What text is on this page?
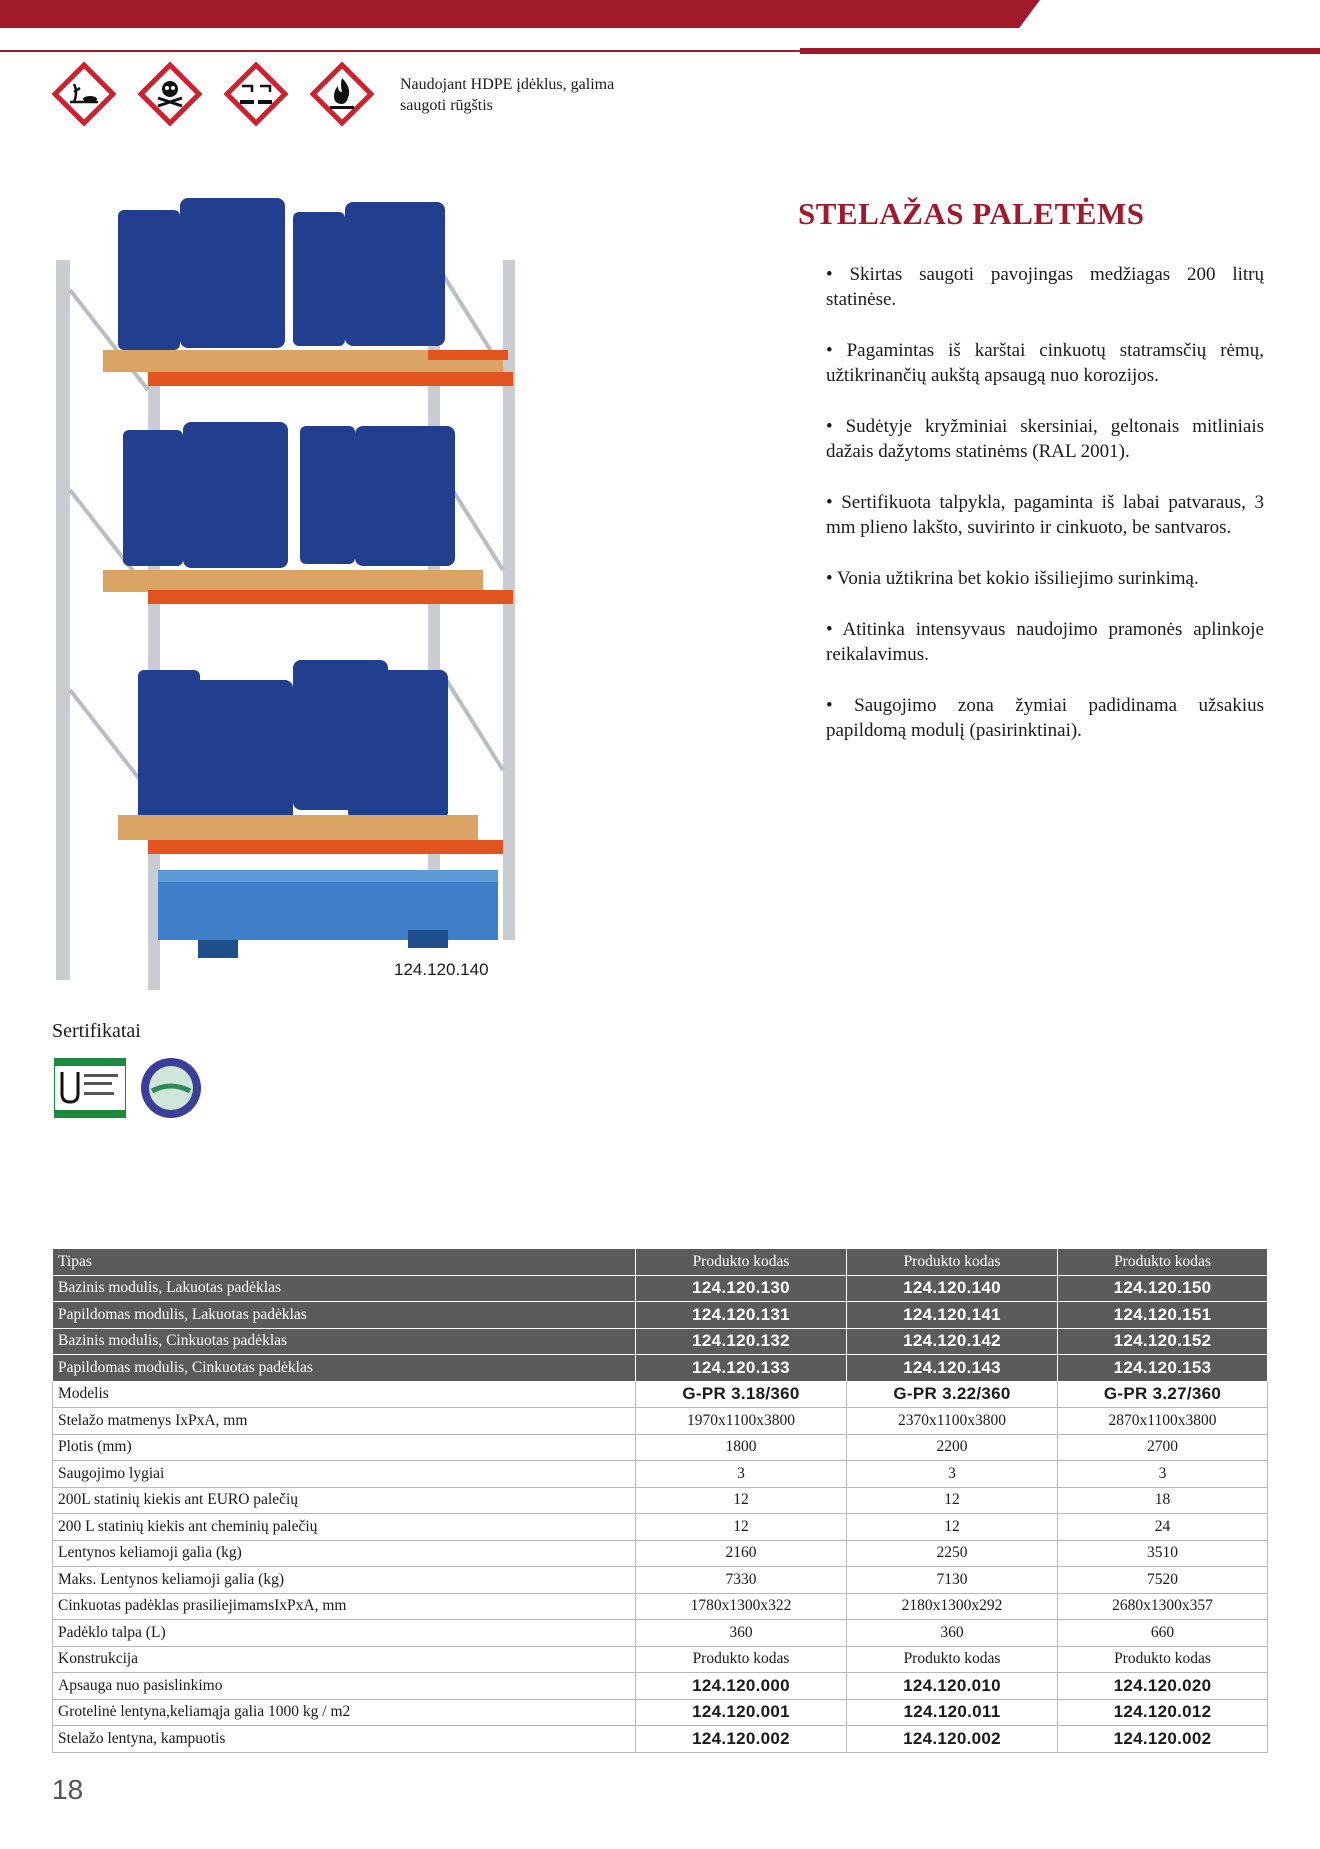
Naudojant HDPE įdėklus, galima saugoti rūgštis
124.120.140
STELAŽAS PALETĖMS

• Skirtas saugoti pavojingas medžiagas 200 litrų statinėse.

• Pagamintas iš karštai cinkuotų statramsčių rėmų, užtikrinančių aukštą apsaugą nuo korozijos.

• Sudėtyje kryžminiai skersiniai, geltonais mitliniais dažais dažytoms statinėms (RAL 2001).

• Sertifikuota talpykla, pagaminta iš labai patvaraus, 3 mm plieno lakšto, suvirinto ir cinkuoto, be santvaros.

• Vonia užtikrina bet kokio išsiliejimo surinkimą.

• Atitinka intensyvaus naudojimo pramonės aplinkoje reikalavimus.

• Saugojimo zona žymiai padidinama užsakius papildomą modulį (pasirinktinai).

Sertifikatai
Tipas	Produkto kodas	Produkto kodas	Produkto kodas
Bazinis modulis, Lakuotas padėklas	124.120.130	124.120.140	124.120.150
Papildomas modulis, Lakuotas padėklas	124.120.131	124.120.141	124.120.151
Bazinis modulis, Cinkuotas padėklas	124.120.132	124.120.142	124.120.152
Papildomas modulis, Cinkuotas padėklas	124.120.133	124.120.143	124.120.153
Modelis	G-PR 3.18/360	G-PR 3.22/360	G-PR 3.27/360
Stelažo matmenys IxPxA, mm	1970x1100x3800	2370x1100x3800	2870x1100x3800
Plotis (mm)	1800	2200	2700
Saugojimo lygiai	3	3	3
200L statinių kiekis ant EURO palečių	12	12	18
200 L statinių kiekis ant cheminių palečių	12	12	24
Lentynos keliamoji galia (kg)	2160	2250	3510
Maks. Lentynos keliamoji galia (kg)	7330	7130	7520
Cinkuotas padėklas prasiliejimamsIxPxA, mm	1780x1300x322	2180x1300x292	2680x1300x357
Padėklo talpa (L)	360	360	660
Konstrukcija	Produkto kodas	Produkto kodas	Produkto kodas
Apsauga nuo pasislinkimo	124.120.000	124.120.010	124.120.020
Grotelinė lentyna,keliamąja galia 1000 kg / m2	124.120.001	124.120.011	124.120.012
Stelažo lentyna, kampuotis	124.120.002	124.120.002	124.120.002
18
